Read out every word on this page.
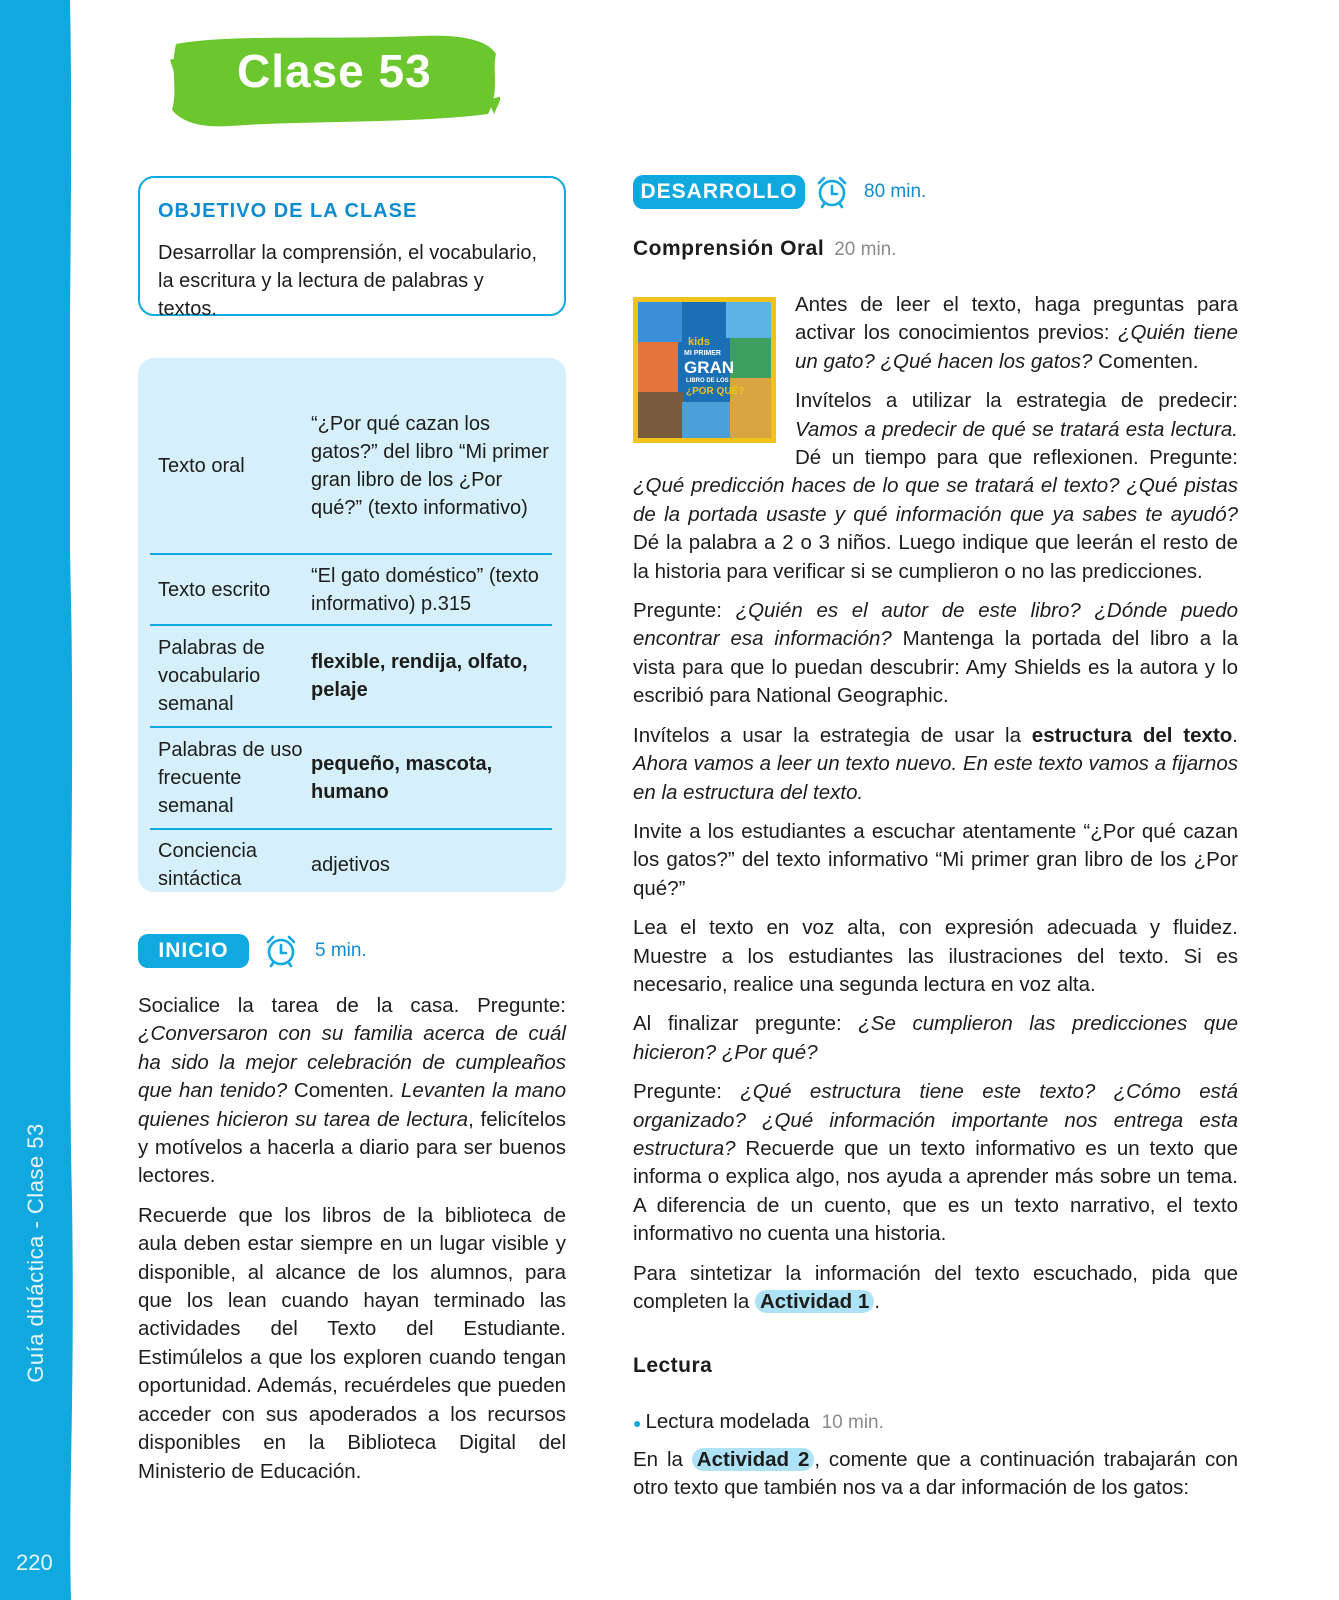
Guía didáctica - Clase 53
220
Clase 53
OBJETIVO DE LA CLASE
Desarrollar la comprensión, el vocabulario, la escritura y la lectura de palabras y textos.
Texto oral
“¿Por qué cazan los gatos?” del libro “Mi primer gran libro de los ¿Por qué?” (texto informativo)
Texto escrito
“El gato doméstico” (texto informativo) p.315
Palabras de vocabulario semanal
flexible, rendija, olfato, pelaje
Palabras de uso frecuente semanal
pequeño, mascota, humano
Conciencia sintáctica
adjetivos
INICIO	5 min.

Socialice la tarea de la casa. Pregunte: ¿Conversaron con su familia acerca de cuál ha sido la mejor celebración de cumpleaños que han tenido? Comenten. Levanten la mano quienes hicieron su tarea de lectura, felicítelos y motívelos a hacerla a diario para ser buenos lectores.

Recuerde que los libros de la biblioteca de aula deben estar siempre en un lugar visible y disponible, al alcance de los alumnos, para que los lean cuando hayan terminado las actividades del Texto del Estudiante. Estimúlelos a que los exploren cuando tengan oportunidad. Además, recuérdeles que pueden acceder con sus apoderados a los recursos disponibles en la Biblioteca Digital del Ministerio de Educación.

DESARROLLO	80 min.
Comprensión Oral 20 min.
kids
MI PRIMER
GRAN
LIBRO DE LOS
¿POR QUÉ?

Antes de leer el texto, haga preguntas para activar los conocimientos previos: ¿Quién tiene un gato? ¿Qué hacen los gatos? Comenten.

Invítelos a utilizar la estrategia de predecir: Vamos a predecir de qué se tratará esta lectura. Dé un tiempo para que reflexionen. Pregunte: ¿Qué predicción haces de lo que se tratará el texto? ¿Qué pistas de la portada usaste y qué información que ya sabes te ayudó? Dé la palabra a 2 o 3 niños. Luego indique que leerán el resto de la historia para verificar si se cumplieron o no las predicciones.

Pregunte: ¿Quién es el autor de este libro? ¿Dónde puedo encontrar esa información? Mantenga la portada del libro a la vista para que lo puedan descubrir: Amy Shields es la autora y lo escribió para National Geographic.

Invítelos a usar la estrategia de usar la estructura del texto. Ahora vamos a leer un texto nuevo. En este texto vamos a fijarnos en la estructura del texto.

Invite a los estudiantes a escuchar atentamente “¿Por qué cazan los gatos?” del texto informativo “Mi primer gran libro de los ¿Por qué?”

Lea el texto en voz alta, con expresión adecuada y fluidez. Muestre a los estudiantes las ilustraciones del texto. Si es necesario, realice una segunda lectura en voz alta.

Al finalizar pregunte: ¿Se cumplieron las predicciones que hicieron? ¿Por qué?

Pregunte: ¿Qué estructura tiene este texto? ¿Cómo está organizado? ¿Qué información importante nos entrega esta estructura? Recuerde que un texto informativo es un texto que informa o explica algo, nos ayuda a aprender más sobre un tema. A diferencia de un cuento, que es un texto narrativo, el texto informativo no cuenta una historia.

Para sintetizar la información del texto escuchado, pida que completen la Actividad 1 .

Lectura
● Lectura modelada 10 min.

En la Actividad 2 , comente que a continuación trabajarán con otro texto que también nos va a dar información de los gatos:
